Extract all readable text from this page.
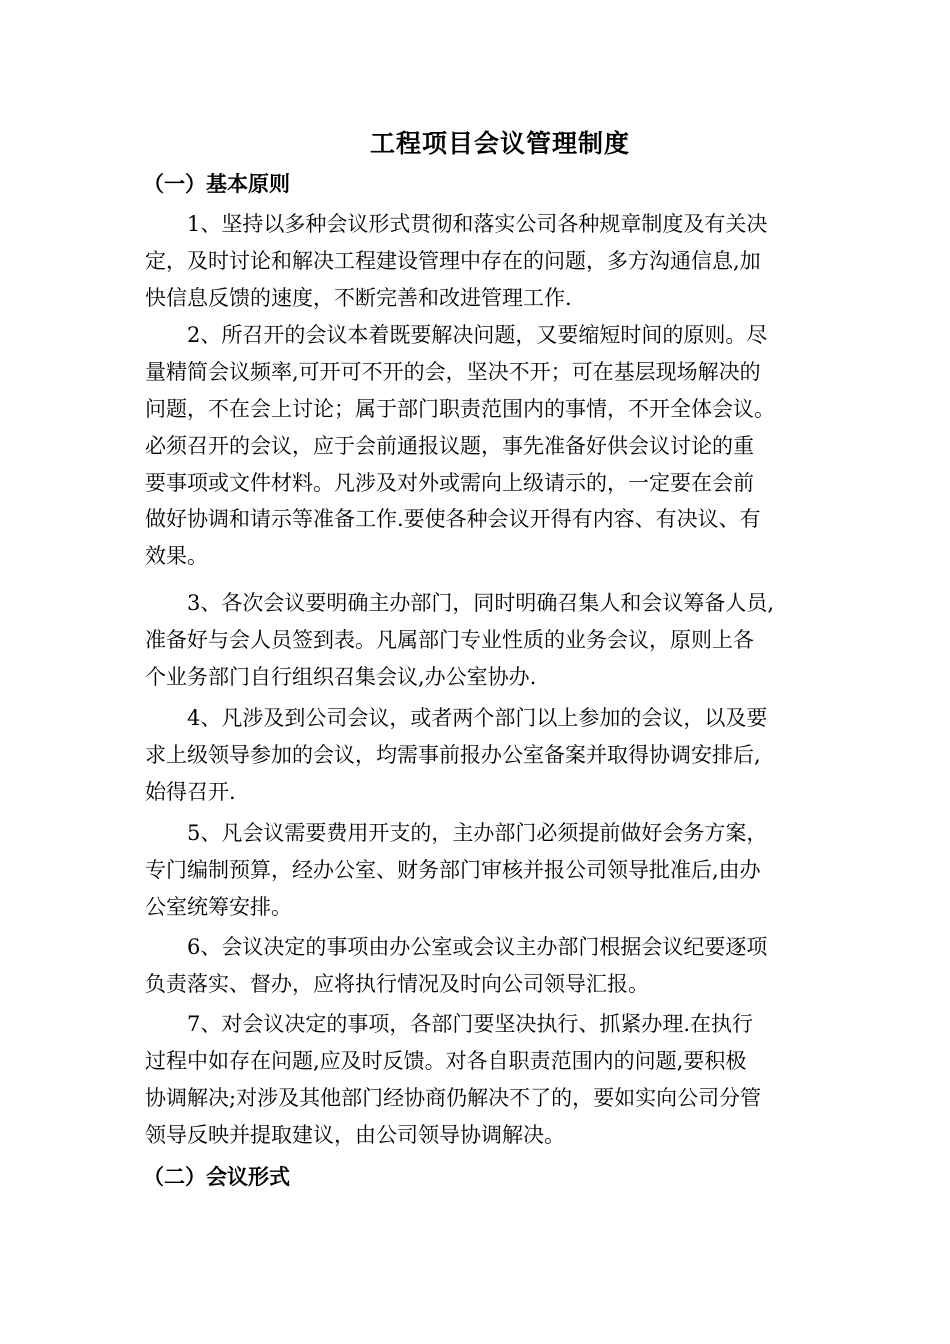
工程项目会议管理制度
（一）基本原则
1、坚持以多种会议形式贯彻和落实公司各种规章制度及有关决
定，及时讨论和解决工程建设管理中存在的问题，多方沟通信息,加
快信息反馈的速度，不断完善和改进管理工作.
2、所召开的会议本着既要解决问题，又要缩短时间的原则。尽
量精简会议频率,可开可不开的会，坚决不开；可在基层现场解决的
问题，不在会上讨论；属于部门职责范围内的事情，不开全体会议。
必须召开的会议，应于会前通报议题，事先准备好供会议讨论的重
要事项或文件材料。凡涉及对外或需向上级请示的，一定要在会前
做好协调和请示等准备工作.要使各种会议开得有内容、有决议、有
效果。
3、各次会议要明确主办部门，同时明确召集人和会议筹备人员,
准备好与会人员签到表。凡属部门专业性质的业务会议，原则上各
个业务部门自行组织召集会议,办公室协办.
4、凡涉及到公司会议，或者两个部门以上参加的会议，以及要
求上级领导参加的会议，均需事前报办公室备案并取得协调安排后,
始得召开.
5、凡会议需要费用开支的，主办部门必须提前做好会务方案，
专门编制预算，经办公室、财务部门审核并报公司领导批准后,由办
公室统筹安排。
6、会议决定的事项由办公室或会议主办部门根据会议纪要逐项
负责落实、督办，应将执行情况及时向公司领导汇报。
7、对会议决定的事项，各部门要坚决执行、抓紧办理.在执行
过程中如存在问题,应及时反馈。对各自职责范围内的问题,要积极
协调解决;对涉及其他部门经协商仍解决不了的，要如实向公司分管
领导反映并提取建议，由公司领导协调解决。
（二）会议形式
